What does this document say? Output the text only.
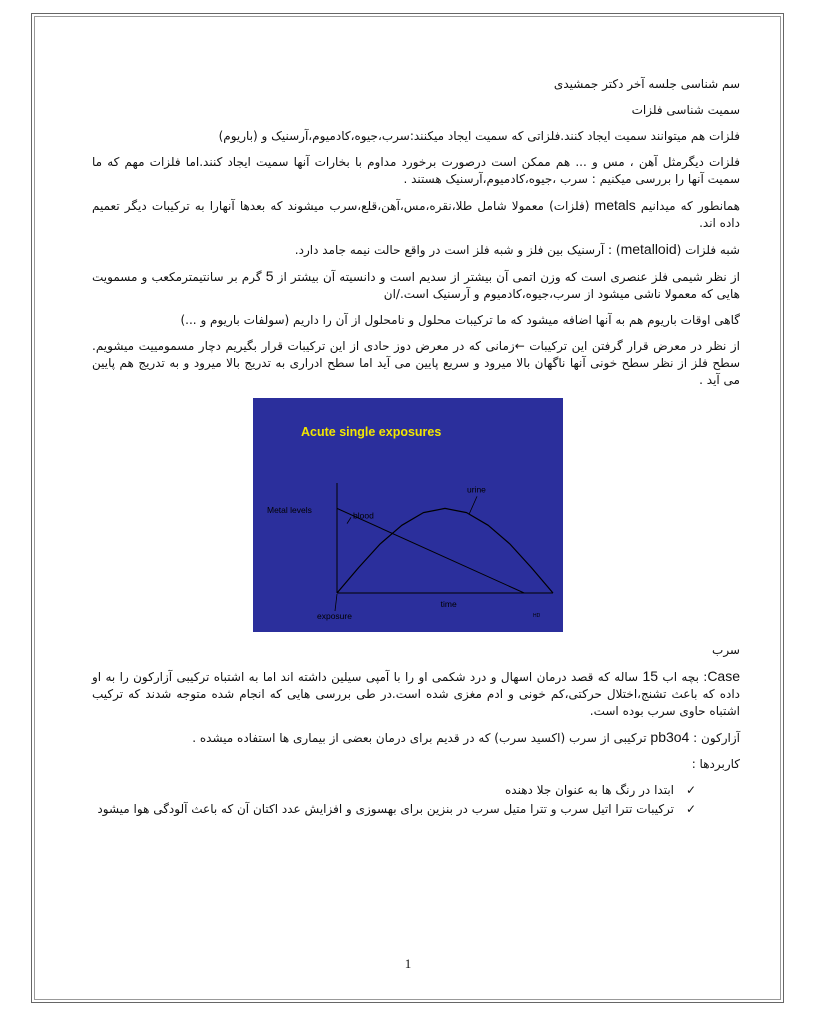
سم شناسی جلسه آخر دکتر جمشیدی

سمیت شناسی فلزات

فلزات هم میتوانند سمیت ایجاد کنند.فلزاتی که سمیت ایجاد میکنند:سرب،جیوه،کادمیوم،آرسنیک و (باریوم)

فلزات دیگرمثل آهن ، مس و ... هم ممکن است درصورت برخورد مداوم با بخارات آنها سمیت ایجاد کنند.اما فلزات مهم که ما سمیت آنها را بررسی میکنیم : سرب ،جیوه،کادمیوم،آرسنیک هستند .

همانطور که میدانیم metals (فلزات) معمولا شامل طلا،نقره،مس،آهن،قلع،سرب میشوند که بعدها آنهارا به ترکیبات دیگر تعمیم داده اند.

شبه فلزات (metalloid) : آرسنیک بین فلز و شبه فلز است در واقع حالت نیمه جامد دارد.

از نظر شیمی فلز عنصری است که وزن اتمی آن بیشتر از سدیم است و دانسیته آن بیشتر از 5 گرم بر سانتیمترمکعب و مسمویت هایی که معمولا ناشی میشود از سرب،جیوه،کادمیوم و آرسنیک است./ان

گاهی اوقات باریوم هم به آنها اضافه میشود که ما ترکیبات محلول و نامحلول از آن را داریم (سولفات باریوم و ...)

از نظر در معرض قرار گرفتن این ترکیبات ←زمانی که در معرض دوز حادی از این ترکیبات قرار بگیریم دچار مسمومییت میشویم. سطح فلز از نظر سطح خونی آنها ناگهان بالا میرود و سریع پایین می آید اما سطح ادراری به تدریج بالا میرود و به تدریج هم پایین می آید .

Acute single exposures
Metal levels
blood
urine
time
exposure	HD

سرب

Case: بچه اب 15 ساله که قصد درمان اسهال و درد شکمی او را با آمپی سیلین داشته اند اما به اشتباه ترکیبی آزارکون را به او داده که باعث تشنج،اختلال حرکتی،کم خونی و ادم مغزی شده است.در طی بررسی هایی که انجام شده متوجه شدند که ترکیب اشتباه حاوی سرب بوده است.

آزارکون : pb3o4 ترکیبی از سرب (اکسید سرب) که در قدیم برای درمان بعضی از بیماری ها استفاده میشده .

کاربردها :

✓
ابتدا در رنگ ها به عنوان جلا دهنده
✓
ترکیبات تترا اتیل سرب و تترا متیل سرب در بنزین برای بهسوزی و افزایش عدد اکتان آن که باعث آلودگی هوا میشود
1
